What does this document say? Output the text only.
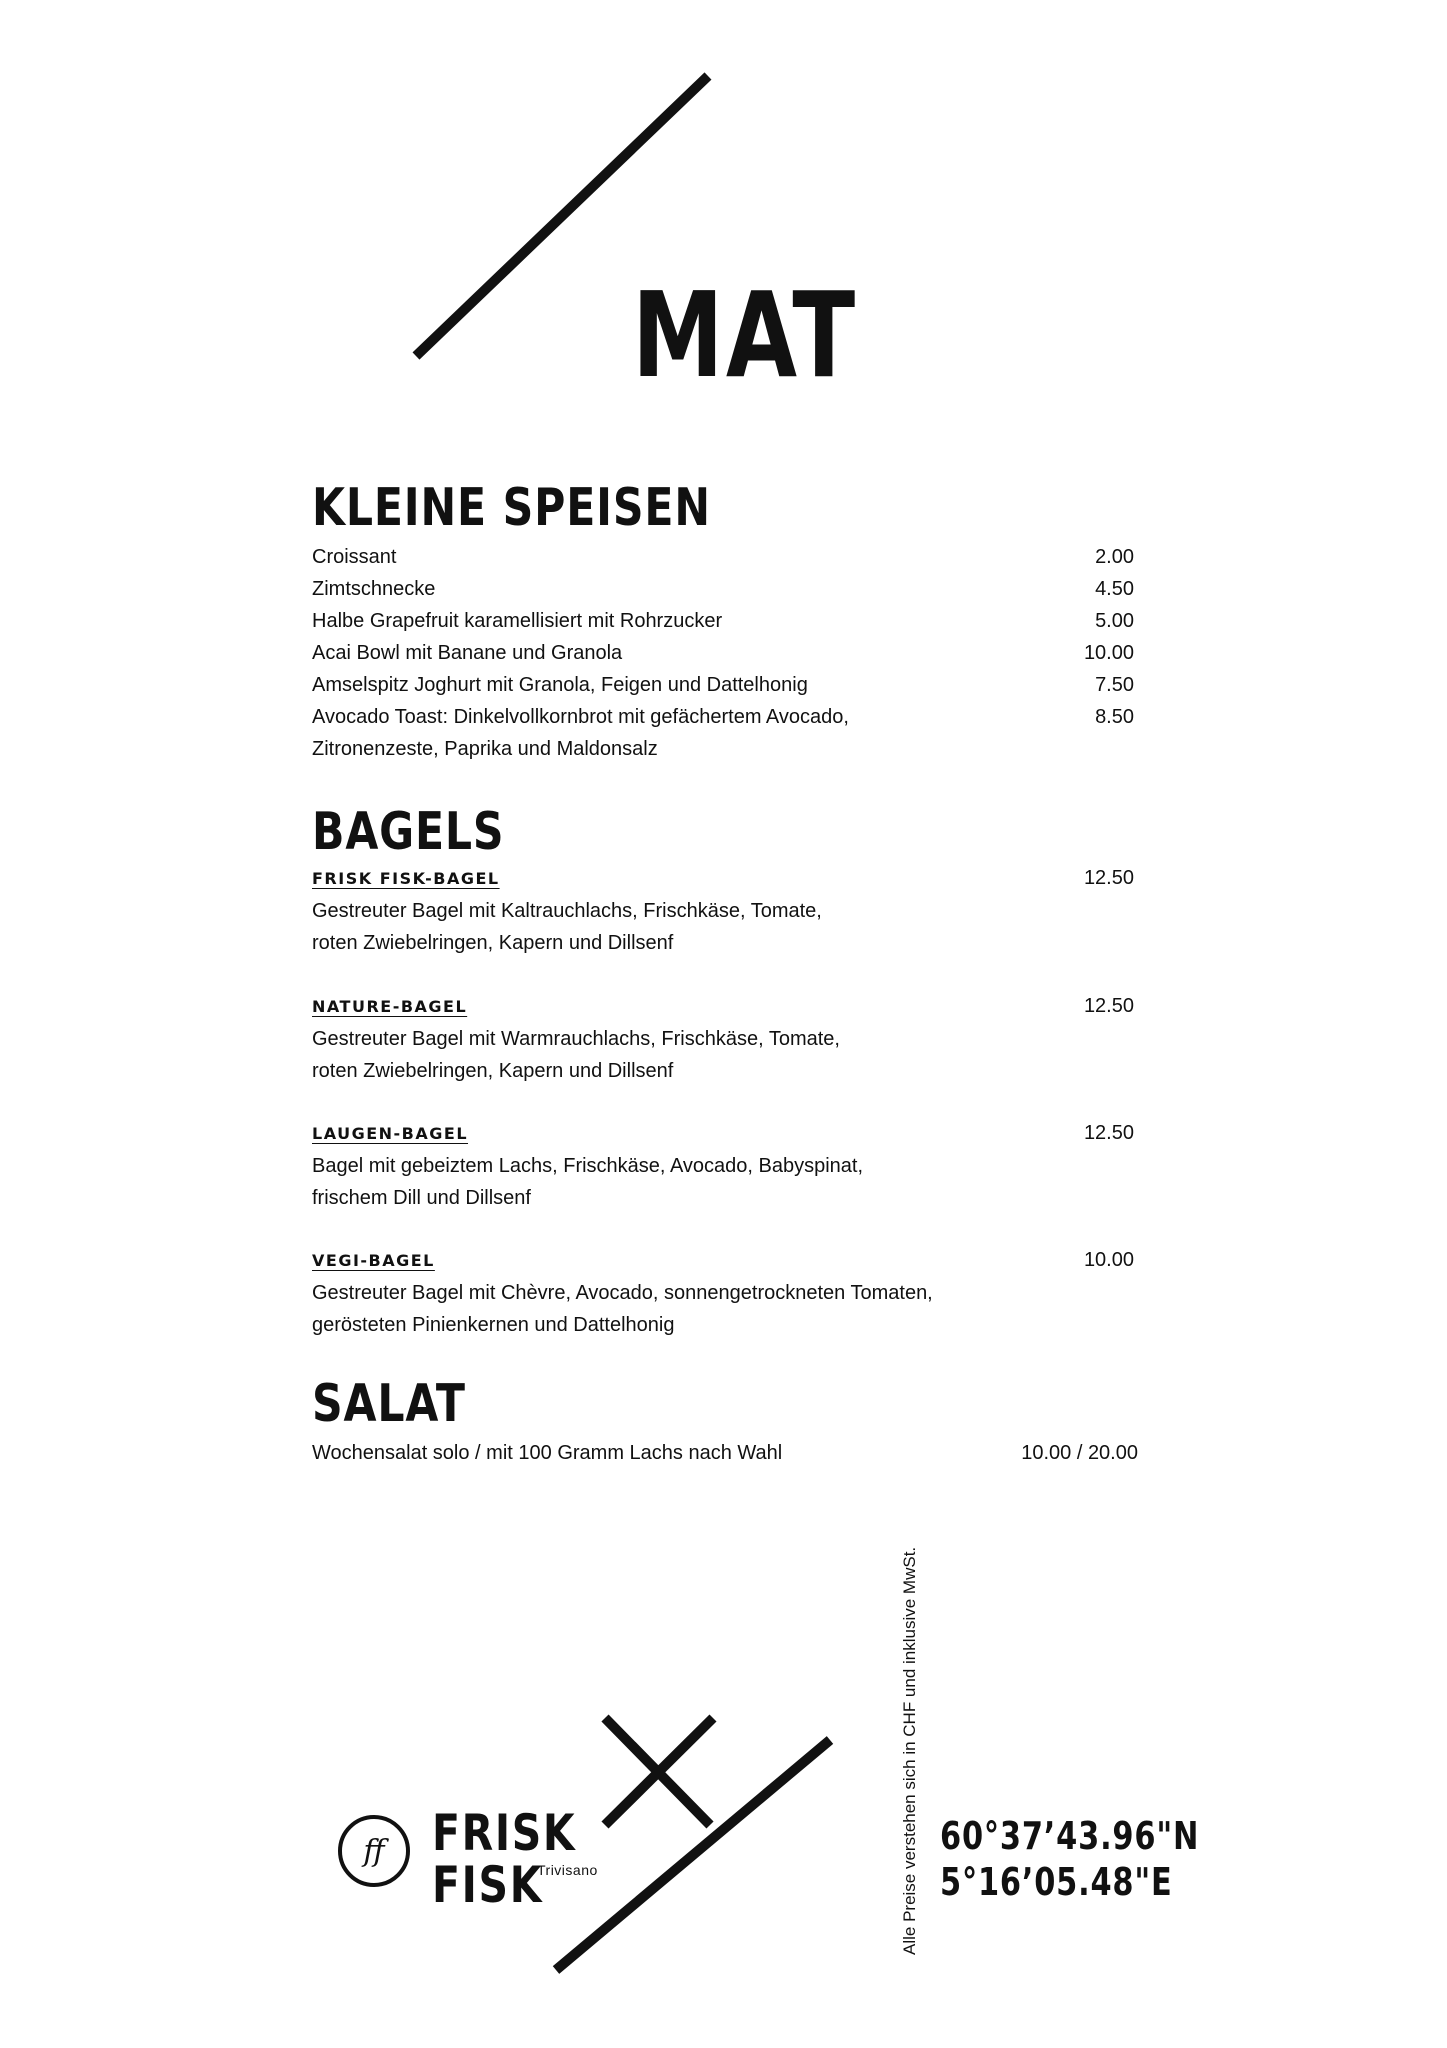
MAT
KLEINE SPEISEN
Croissant	2.00
Zimtschnecke	4.50
Halbe Grapefruit karamellisiert mit Rohrzucker	5.00
Acai Bowl mit Banane und Granola	10.00
Amselspitz Joghurt mit Granola, Feigen und Dattelhonig	7.50
Avocado Toast: Dinkelvollkornbrot mit gefächertem Avocado,	8.50
Zitronenzeste, Paprika und Maldonsalz
BAGELS
FRISK FISK-BAGEL	12.50
Gestreuter Bagel mit Kaltrauchlachs, Frischkäse, Tomate,
roten Zwiebelringen, Kapern und Dillsenf
NATURE-BAGEL	12.50
Gestreuter Bagel mit Warmrauchlachs, Frischkäse, Tomate,
roten Zwiebelringen, Kapern und Dillsenf
LAUGEN-BAGEL	12.50
Bagel mit gebeiztem Lachs, Frischkäse, Avocado, Babyspinat,
frischem Dill und Dillsenf
VEGI-BAGEL	10.00
Gestreuter Bagel mit Chèvre, Avocado, sonnengetrockneten Tomaten,
gerösteten Pinienkernen und Dattelhonig
SALAT
Wochensalat solo / mit 100 Gramm Lachs nach Wahl	10.00 / 20.00
ff FRISK
FISK
Trivisano	Alle Preise verstehen sich in CHF und inklusive MwSt. 60°37’43.96"N
5°16’05.48"E
